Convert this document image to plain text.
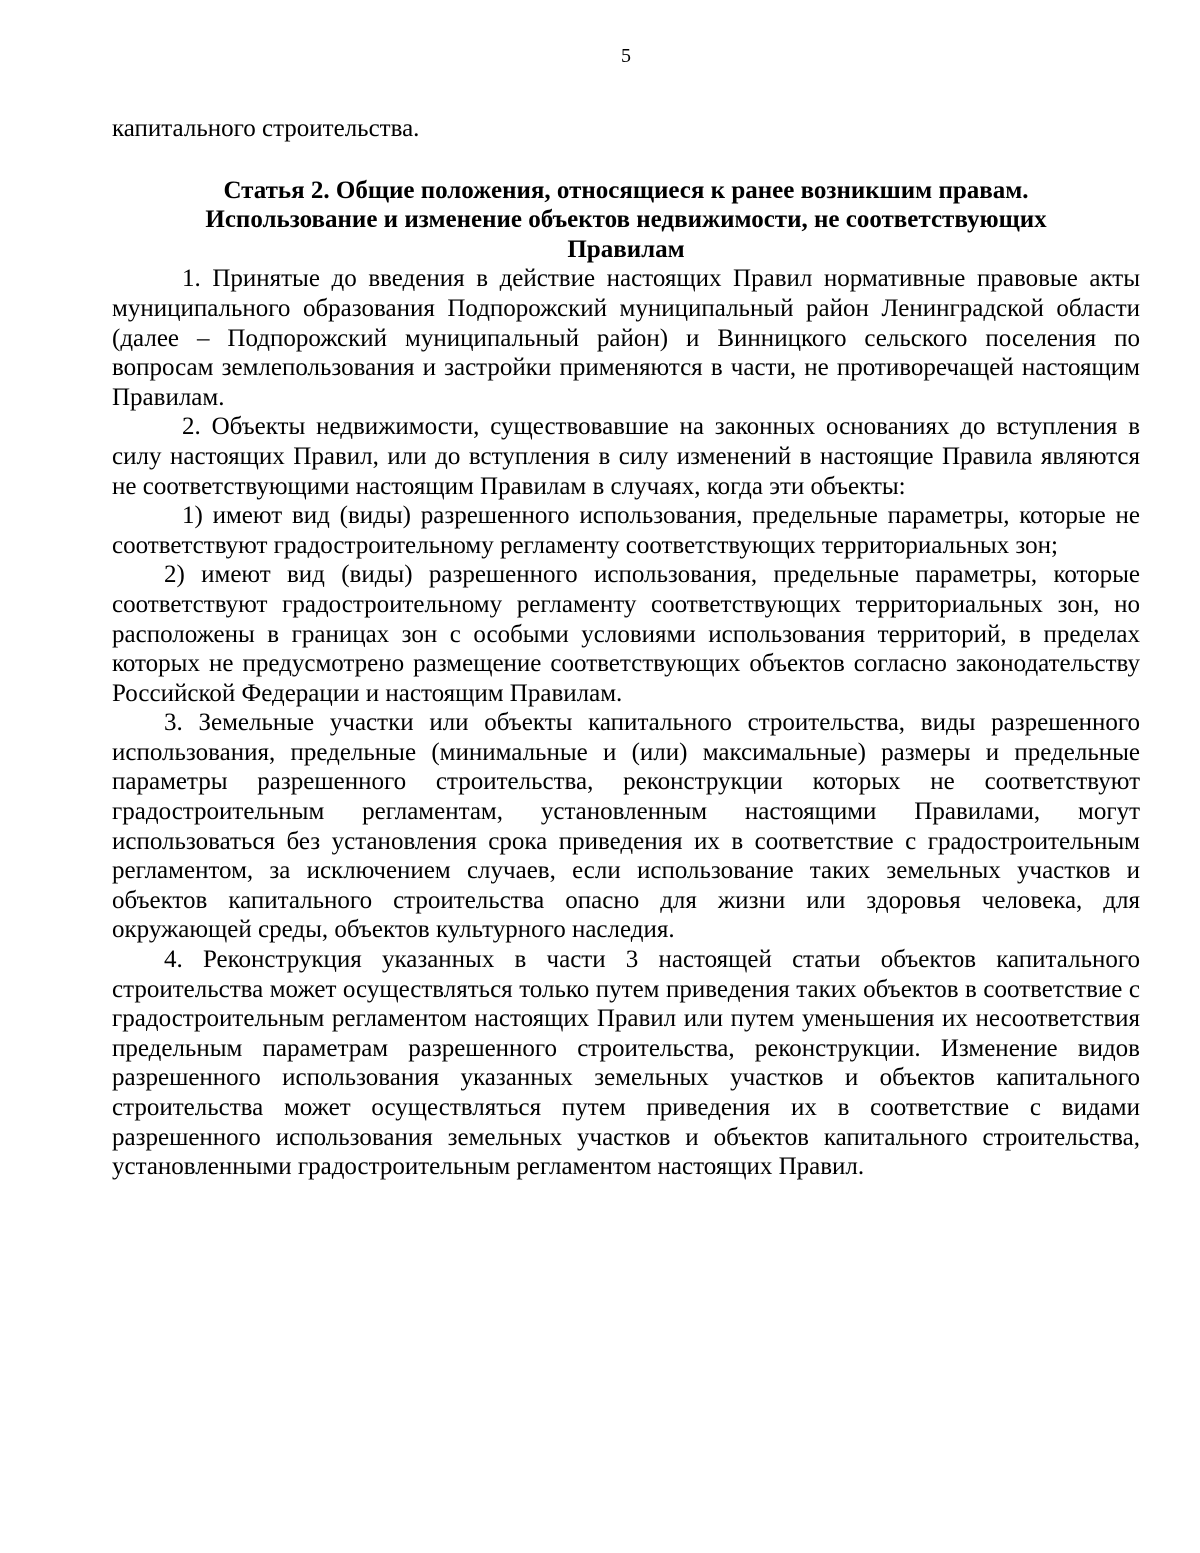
5

капитального строительства.

Статья 2. Общие положения, относящиеся к ранее возникшим правам.
Использование и изменение объектов недвижимости, не соответствующих
Правилам

1. Принятые до введения в действие настоящих Правил нормативные правовые акты муниципального образования Подпорожский муниципальный район Ленинградской области (далее – Подпорожский муниципальный район) и Винницкого сельского поселения по вопросам землепользования и застройки применяются в части, не противоречащей настоящим Правилам.

2. Объекты недвижимости, существовавшие на законных основаниях до вступления в силу настоящих Правил, или до вступления в силу изменений в настоящие Правила являются не соответствующими настоящим Правилам в случаях, когда эти объекты:

1) имеют вид (виды) разрешенного использования, предельные параметры, которые не соответствуют градостроительному регламенту соответствующих территориальных зон;

2) имеют вид (виды) разрешенного использования, предельные параметры, которые соответствуют градостроительному регламенту соответствующих территориальных зон, но расположены в границах зон с особыми условиями использования территорий, в пределах которых не предусмотрено размещение соответствующих объектов согласно законодательству Российской Федерации и настоящим Правилам.

3. Земельные участки или объекты капитального строительства, виды разрешенного использования, предельные (минимальные и (или) максимальные) размеры и предельные параметры разрешенного строительства, реконструкции которых не соответствуют градостроительным регламентам, установленным настоящими Правилами, могут использоваться без установления срока приведения их в соответствие с градостроительным регламентом, за исключением случаев, если использование таких земельных участков и объектов капитального строительства опасно для жизни или здоровья человека, для окружающей среды, объектов культурного наследия.

4. Реконструкция указанных в части 3 настоящей статьи объектов капитального строительства может осуществляться только путем приведения таких объектов в соответствие с градостроительным регламентом настоящих Правил или путем уменьшения их несоответствия предельным параметрам разрешенного строительства, реконструкции. Изменение видов разрешенного использования указанных земельных участков и объектов капитального строительства может осуществляться путем приведения их в соответствие с видами разрешенного использования земельных участков и объектов капитального строительства, установленными градостроительным регламентом настоящих Правил.
